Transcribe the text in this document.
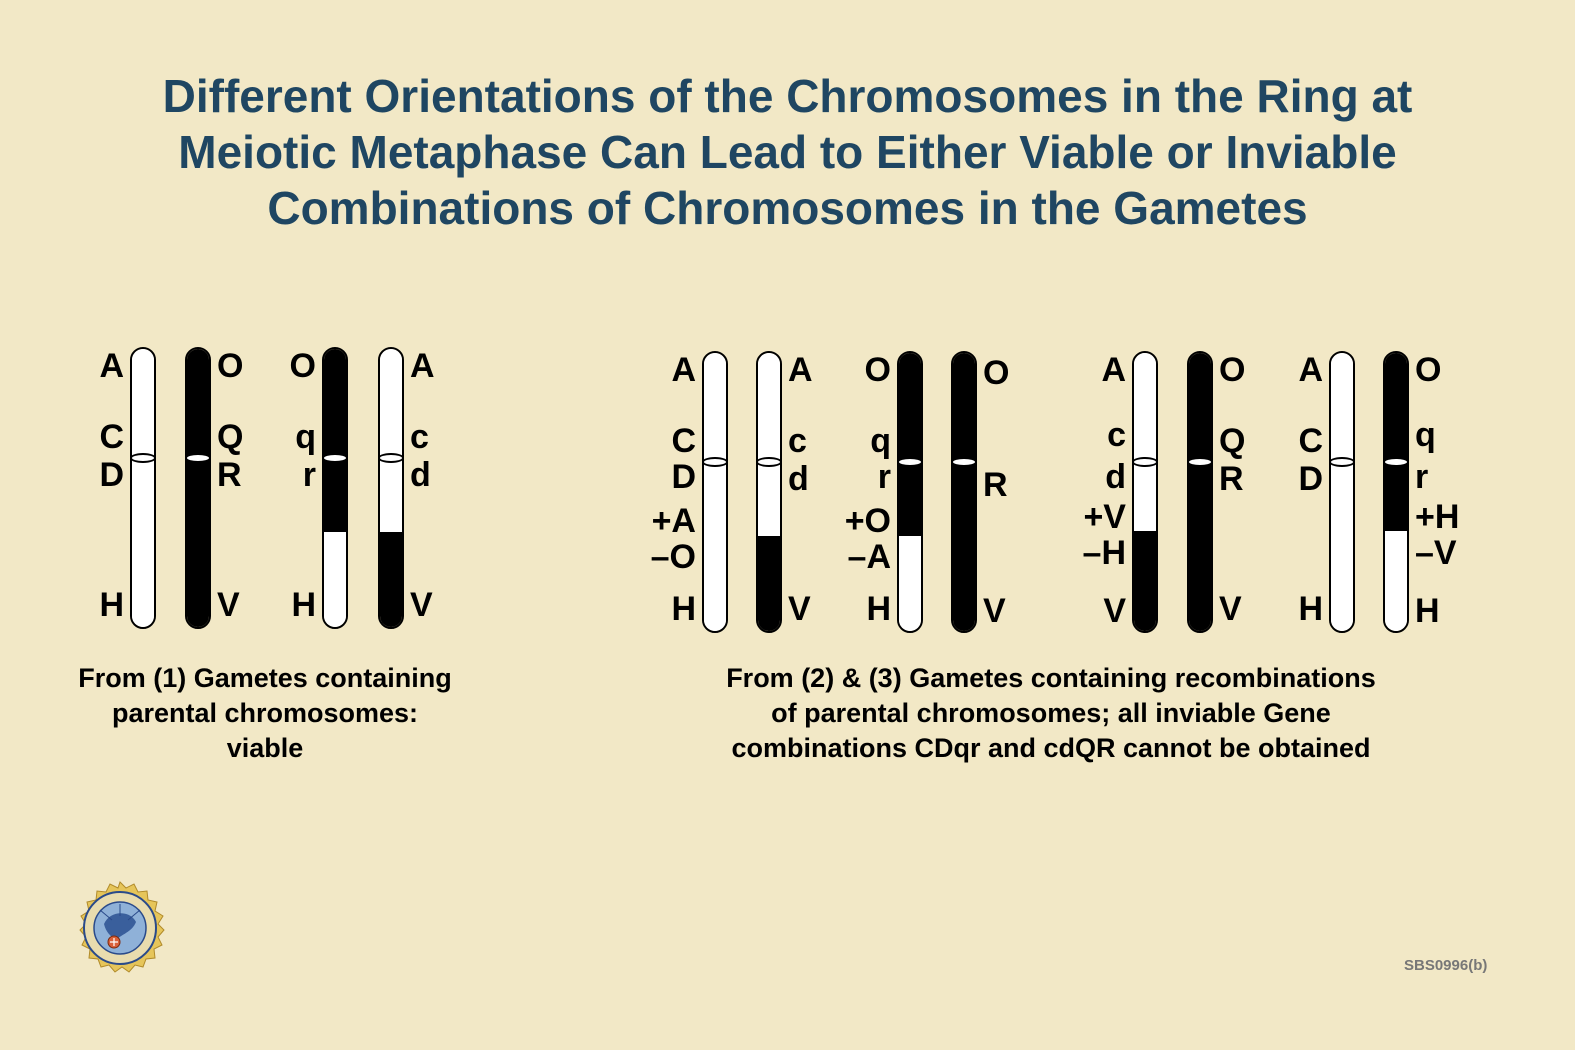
Different Orientations of the Chromosomes in the Ring at
Meiotic Metaphase Can Lead to Either Viable or Inviable
Combinations of Chromosomes in the Gametes
A
C
D
H
O
Q
R
V
O
q
r
H
A
c
d
V
A
C
D
+A
–O
H
A
c
d
V
O
q
r
+O
–A
H
O
R
V
A
c
d
+V
–H
V
O
Q
R
V
A
C
D
H
O
q
r
+H
–V
H
From (1) Gametes containing
parental chromosomes:
viable
From (2) & (3) Gametes containing recombinations
of parental chromosomes; all inviable Gene
combinations CDqr and cdQR cannot be obtained
SBS0996(b)
